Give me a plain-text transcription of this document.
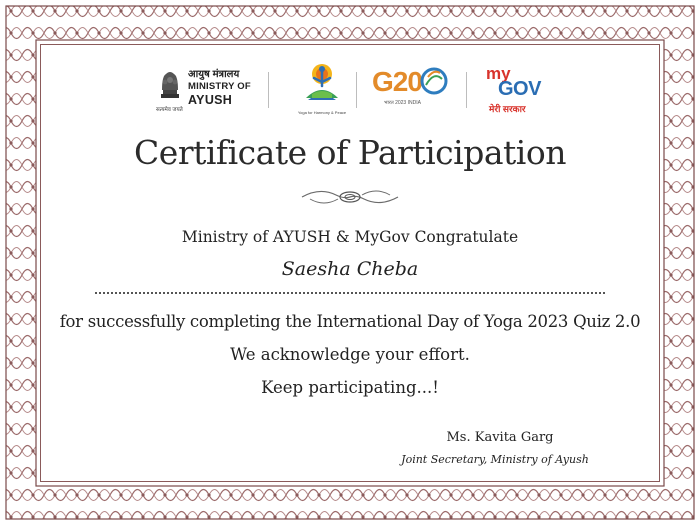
सत्यमेव जयते
आयुष मंत्रालय
MINISTRY OF
AYUSH
Yoga for Harmony & Peace
G20
भारत 2023 INDIA
my
GOV
मेरी सरकार
Certificate of Participation
Ministry of AYUSH & MyGov Congratulate
Saesha Cheba
for successfully completing the International Day of Yoga 2023 Quiz 2.0
We acknowledge your effort.
Keep participating...!
Ms. Kavita Garg
Joint Secretary, Ministry of Ayush
